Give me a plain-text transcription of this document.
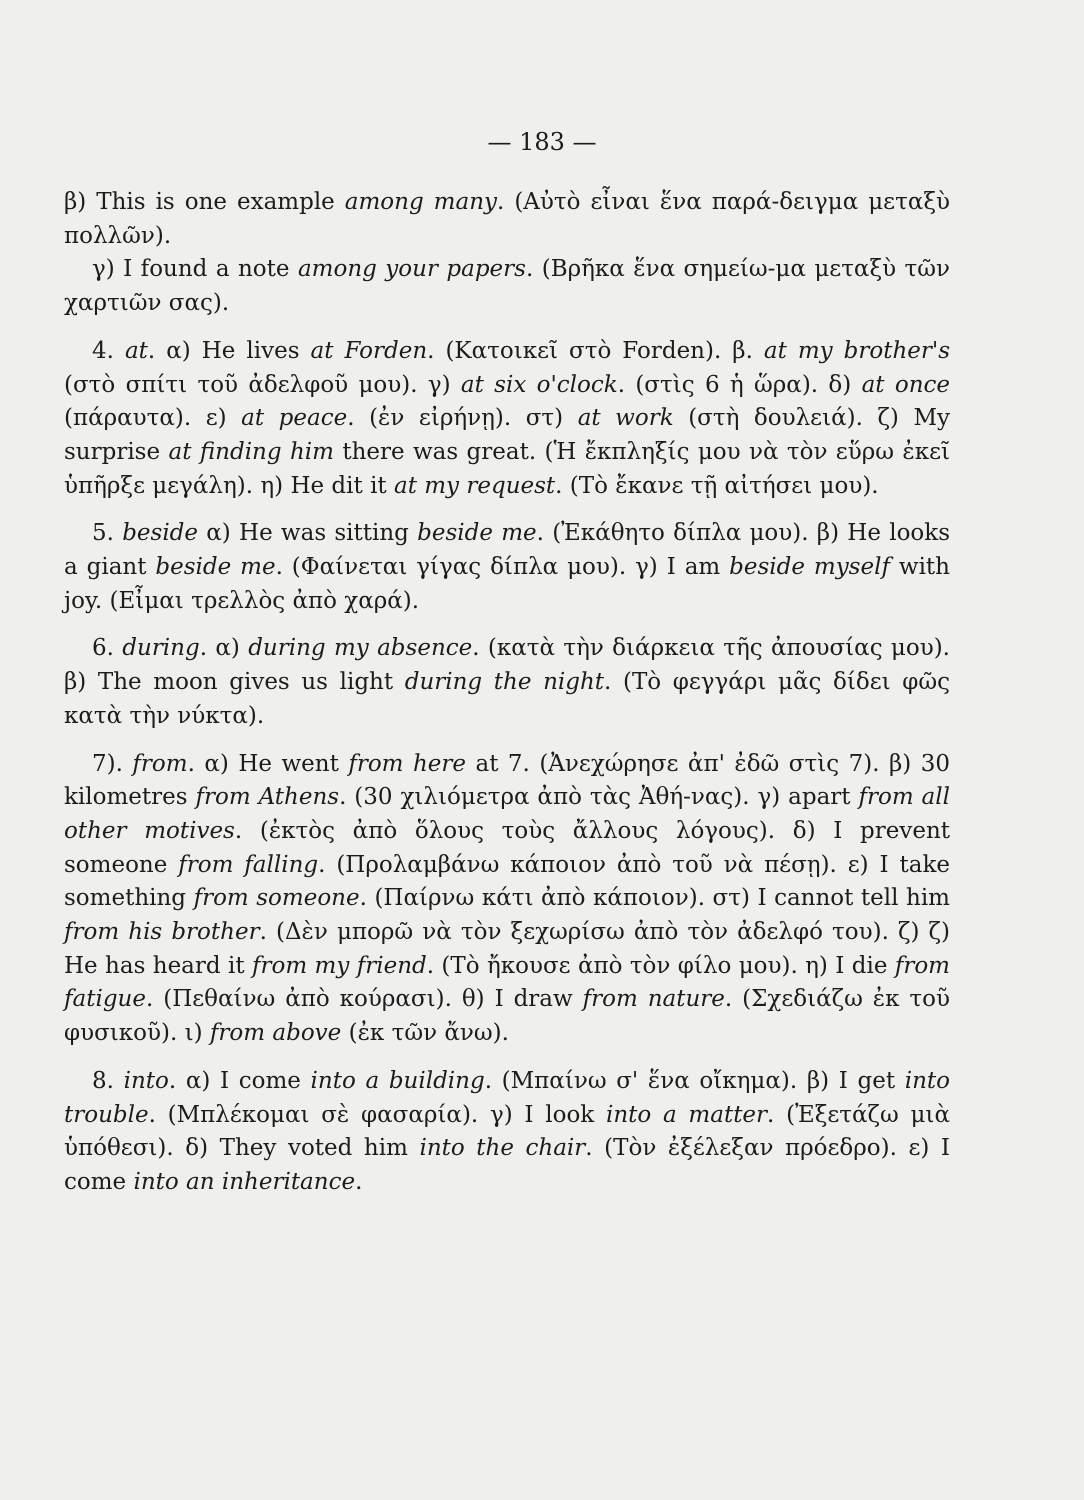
— 183 —

β) This is one example among many. (Αὐτὸ εἶναι ἕνα παρά-δειγμα μεταξὺ πολλῶν).

γ) I found a note among your papers. (Βρῆκα ἕνα σημείω-μα μεταξὺ τῶν χαρτιῶν σας).

4. at. α) He lives at Forden. (Κατοικεῖ στὸ Forden). β. at my brother's (στὸ σπίτι τοῦ ἀδελφοῦ μου). γ) at six o'clock. (στὶς 6 ἡ ὥρα). δ) at once (πάραυτα). ε) at peace. (ἐν εἰρήνῃ). στ) at work (στὴ δουλειά). ζ) My surprise at finding him there was great. (Ἡ ἔκπληξίς μου νὰ τὸν εὕρω ἐκεῖ ὑπῆρξε μεγάλη). η) He dit it at my request. (Τὸ ἔκανε τῇ αἰτήσει μου).

5. beside α) He was sitting beside me. (Ἐκάθητο δίπλα μου). β) He looks a giant beside me. (Φαίνεται γίγας δίπλα μου). γ) I am beside myself with joy. (Εἶμαι τρελλὸς ἀπὸ χαρά).

6. during. α) during my absence. (κατὰ τὴν διάρκεια τῆς ἀπουσίας μου). β) The moon gives us light during the night. (Τὸ φεγγάρι μᾶς δίδει φῶς κατὰ τὴν νύκτα).

7). from. α) He went from here at 7. (Ἀνεχώρησε ἀπ' ἐδῶ στὶς 7). β) 30 kilometres from Athens. (30 χιλιόμετρα ἀπὸ τὰς Ἀθή-νας). γ) apart from all other motives. (ἐκτὸς ἀπὸ ὅλους τοὺς ἄλλους λόγους). δ) I prevent someone from falling. (Προλαμβάνω κάποιον ἀπὸ τοῦ νὰ πέσῃ). ε) I take something from someone. (Παίρνω κάτι ἀπὸ κάποιον). στ) I cannot tell him from his brother. (Δὲν μπορῶ νὰ τὸν ξεχωρίσω ἀπὸ τὸν ἀδελφό του). ζ) ζ) He has heard it from my friend. (Τὸ ἤκουσε ἀπὸ τὸν φίλο μου). η) I die from fatigue. (Πεθαίνω ἀπὸ κούρασι). θ) I draw from nature. (Σχεδιάζω ἐκ τοῦ φυσικοῦ). ι) from above (ἐκ τῶν ἄνω).

8. into. α) I come into a building. (Μπαίνω σ' ἕνα οἴκημα). β) I get into trouble. (Μπλέκομαι σὲ φασαρία). γ) I look into a matter. (Ἐξετάζω μιὰ ὑπόθεσι). δ) They voted him into the chair. (Τὸν ἐξέλεξαν πρόεδρο). ε) I come into an inheritance.
